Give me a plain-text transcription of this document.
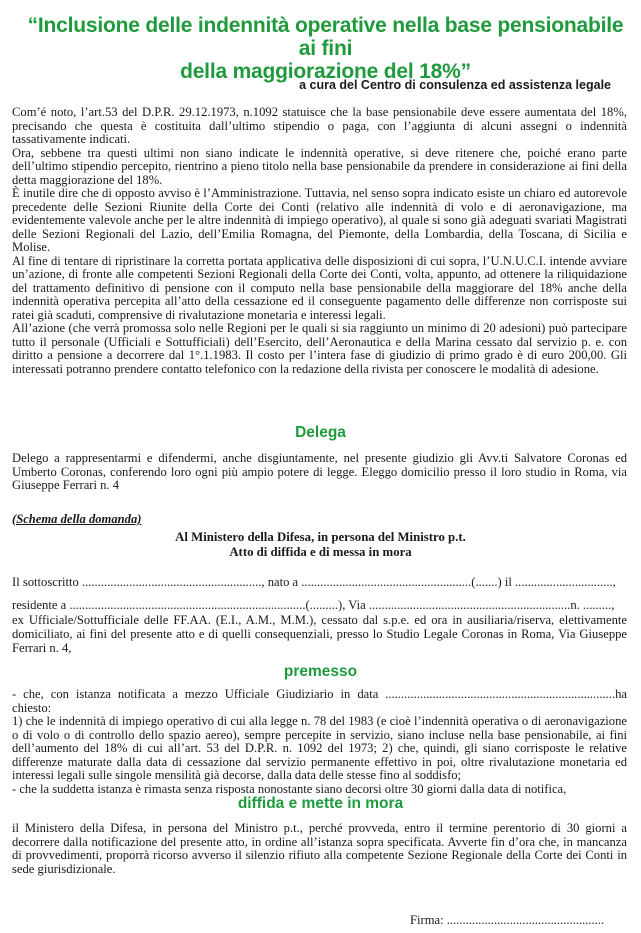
“Inclusione delle indennità operative nella base pensionabile ai fini
della maggiorazione del 18%”
a cura del Centro di consulenza ed assistenza legale

Com’é noto, l’art.53 del D.P.R. 29.12.1973, n.1092 statuisce che la base pensionabile deve essere aumentata del 18%, precisando che questa è costituita dall’ultimo stipendio o paga, con l’aggiunta di alcuni assegni o indennità tassativamente indicati.

Ora, sebbene tra questi ultimi non siano indicate le indennità operative, si deve ritenere che, poiché erano parte dell’ultimo stipendio percepito, rientrino a pieno titolo nella base pensionabile da prendere in considerazione ai fini della detta maggiorazione del 18%.

È inutile dire che di opposto avviso è l’Amministrazione. Tuttavia, nel senso sopra indicato esiste un chiaro ed autorevole precedente delle Sezioni Riunite della Corte dei Conti (relativo alle indennità di volo e di aeronavigazione, ma evidentemente valevole anche per le altre indennità di impiego operativo), al quale si sono già adeguati svariati Magistrati delle Sezioni Regionali del Lazio, dell’Emilia Romagna, del Piemonte, della Lombardia, della Toscana, di Sicilia e Molise.

Al fine di tentare di ripristinare la corretta portata applicativa delle disposizioni di cui sopra, l’U.N.U.C.I. intende avviare un’azione, di fronte alle competenti Sezioni Regionali della Corte dei Conti, volta, appunto, ad ottenere la riliquidazione del trattamento definitivo di pensione con il computo nella base pensionabile della maggiorare del 18% anche della indennità operativa percepita all’atto della cessazione ed il conseguente pagamento delle differenze non corrisposte sui ratei già scaduti, comprensive di rivalutazione monetaria e interessi legali.

All’azione (che verrà promossa solo nelle Regioni per le quali si sia raggiunto un minimo di 20 adesioni) può partecipare tutto il personale (Ufficiali e Sottufficiali) dell’Esercito, dell’Aeronautica e della Marina cessato dal servizio p. e. con diritto a pensione a decorrere dal 1°.1.1983. Il costo per l’intera fase di giudizio di primo grado è di euro 200,00. Gli interessati potranno prendere contatto telefonico con la redazione della rivista per conoscere le modalità di adesione.

Delega

Delego a rappresentarmi e difendermi, anche disgiuntamente, nel presente giudizio gli Avv.ti Salvatore Coronas ed Umberto Coronas, conferendo loro ogni più ampio potere di legge. Eleggo domicilio presso il loro studio in Roma, via Giuseppe Ferrari n. 4

(Schema della domanda)
Al Ministero della Difesa, in persona del Ministro p.t.
Atto di diffida e di messa in mora

Il sottoscritto ........................................................., nato a ......................................................(.......) il ...............................,

residente a ...........................................................................(.........), Via ................................................................n. .........,

ex Ufficiale/Sottufficiale delle FF.AA. (E.I., A.M., M.M.), cessato dal s.p.e. ed ora in ausiliaria/riserva, elettivamente domiciliato, ai fini del presente atto e di quelli consequenziali, presso lo Studio Legale Coronas in Roma, Via Giuseppe Ferrari n. 4,

premesso

- che, con istanza notificata a mezzo Ufficiale Giudiziario in data .........................................................................ha chiesto:

1) che le indennità di impiego operativo di cui alla legge n. 78 del 1983 (e cioè l’indennità operativa o di aeronavigazione o di volo o di controllo dello spazio aereo), sempre percepite in servizio, siano incluse nella base pensionabile, ai fini dell’aumento del 18% di cui all’art. 53 del D.P.R. n. 1092 del 1973; 2) che, quindi, gli siano corrisposte le relative differenze maturate dalla data di cessazione dal servizio permanente effettivo in poi, oltre rivalutazione monetaria ed interessi legali sulle singole mensilità già decorse, dalla data delle stesse fino al soddisfo;

- che la suddetta istanza è rimasta senza risposta nonostante siano decorsi oltre 30 giorni dalla data di notifica,

diffida e mette in mora

il Ministero della Difesa, in persona del Ministro p.t., perché provveda, entro il termine perentorio di 30 giorni a decorrere dalla notificazione del presente atto, in ordine all’istanza sopra specificata. Avverte fin d’ora che, in mancanza di provvedimenti, proporrà ricorso avverso il silenzio rifiuto alla competente Sezione Regionale della Corte dei Conti in sede giurisdizionale.

Firma: ..................................................
